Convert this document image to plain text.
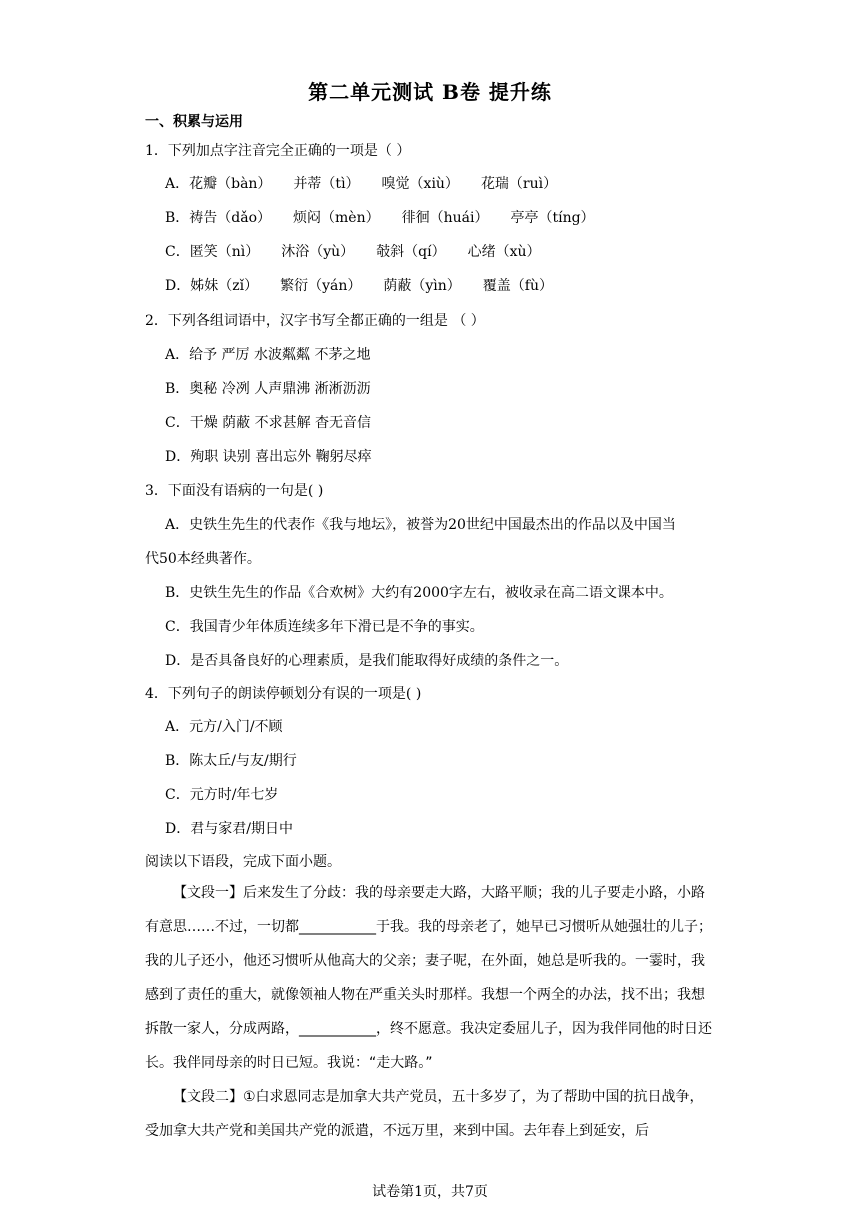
第二单元测试 B卷 提升练
一、积累与运用
1．下列加点字注音完全正确的一项是（ ）
A．花瓣（bàn） 并蒂（tì） 嗅觉（xiù） 花瑞（ruì）
B．祷告（dǎo） 烦闷（mèn） 徘徊（huái） 亭亭（tíng）
C．匿笑（nì） 沐浴（yù） 攲斜（qí） 心绪（xù）
D．姊妹（zǐ） 繁衍（yán） 荫蔽（yìn） 覆盖（fù）
2．下列各组词语中，汉字书写全都正确的一组是 （ ）
A．给予 严厉 水波粼粼 不茅之地
B．奥秘 冷冽 人声鼎沸 淅淅沥沥
C．干燥 荫蔽 不求甚解 杳无音信
D．殉职 诀别 喜出忘外 鞠躬尽瘁
3．下面没有语病的一句是( )
A．史铁生先生的代表作《我与地坛》，被誉为20世纪中国最杰出的作品以及中国当
代50本经典著作。
B．史铁生先生的作品《合欢树》大约有2000字左右，被收录在高二语文课本中。
C．我国青少年体质连续多年下滑已是不争的事实。
D．是否具备良好的心理素质，是我们能取得好成绩的条件之一。
4．下列句子的朗读停顿划分有误的一项是( )
A．元方/入门/不顾
B．陈太丘/与友/期行
C．元方时/年七岁
D．君与家君/期日中
阅读以下语段，完成下面小题。
【文段一】后来发生了分歧：我的母亲要走大路，大路平顺；我的儿子要走小路，小路有意思……不过，一切都___________于我。我的母亲老了，她早已习惯听从她强壮的儿子；我的儿子还小，他还习惯听从他高大的父亲；妻子呢，在外面，她总是听我的。一霎时，我感到了责任的重大，就像领袖人物在严重关头时那样。我想一个两全的办法，找不出；我想拆散一家人，分成两路，___________，终不愿意。我决定委屈儿子，因为我伴同他的时日还长。我伴同母亲的时日已短。我说：“走大路。”
【文段二】①白求恩同志是加拿大共产党员，五十多岁了，为了帮助中国的抗日战争，受加拿大共产党和美国共产党的派遣，不远万里，来到中国。去年春上到延安，后
试卷第1页，共7页
